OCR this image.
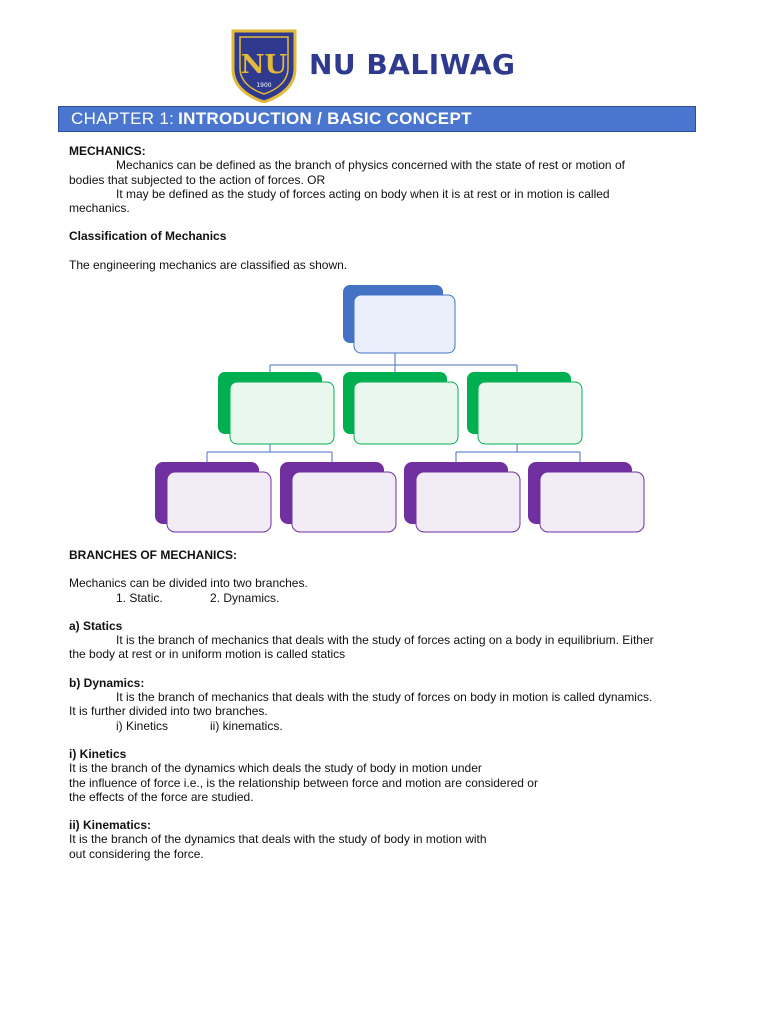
NU
1900
NU BALIWAG
CHAPTER 1: INTRODUCTION / BASIC CONCEPT
MECHANICS:
Mechanics can be defined as the branch of physics concerned with the state of rest or motion of
bodies that subjected to the action of forces. OR
It may be defined as the study of forces acting on body when it is at rest or in motion is called
mechanics.
Classification of Mechanics
The engineering mechanics are classified as shown.
BRANCHES OF MECHANICS:
Mechanics can be divided into two branches.
1. Static.	2. Dynamics.
a) Statics
It is the branch of mechanics that deals with the study of forces acting on a body in equilibrium. Either
the body at rest or in uniform motion is called statics
b) Dynamics:
It is the branch of mechanics that deals with the study of forces on body in motion is called dynamics.
It is further divided into two branches.
i) Kinetics	ii) kinematics.
i) Kinetics
It is the branch of the dynamics which deals the study of body in motion under
the influence of force i.e., is the relationship between force and motion are considered or
the effects of the force are studied.
ii) Kinematics:
It is the branch of the dynamics that deals with the study of body in motion with
out considering the force.
